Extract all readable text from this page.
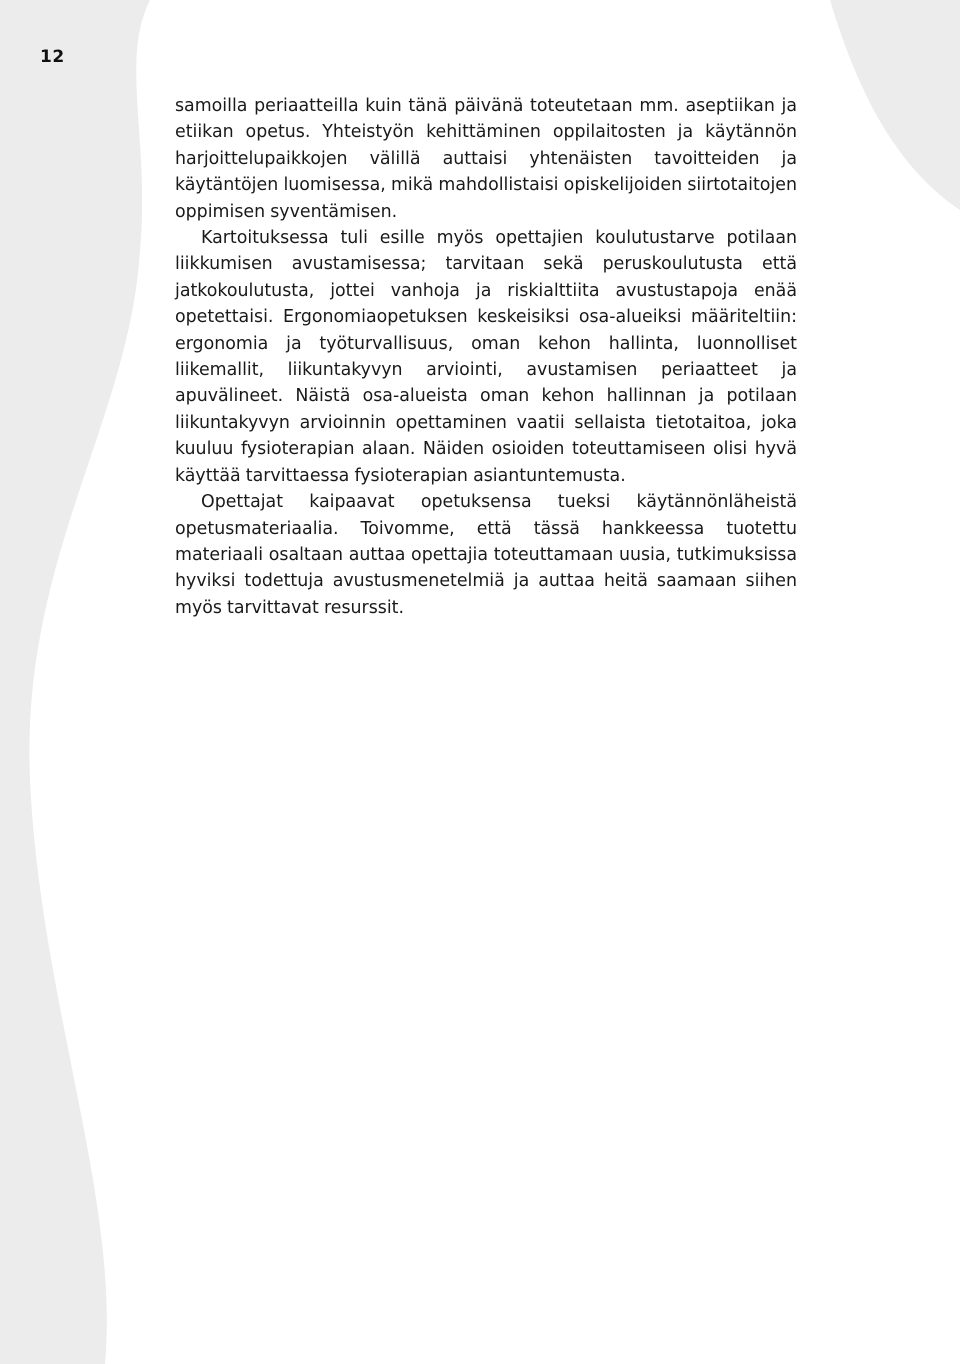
12

samoilla periaatteilla kuin tänä päivänä toteutetaan mm. aseptiikan ja etiikan opetus. Yhteistyön kehittäminen oppilaitosten ja käytännön harjoittelupaikkojen välillä auttaisi yhtenäisten tavoitteiden ja käytäntöjen luomisessa, mikä mahdollistaisi opiskelijoiden siirtotaitojen oppimisen syventämisen.

Kartoituksessa tuli esille myös opettajien koulutustarve potilaan liikkumisen avustamisessa; tarvitaan sekä peruskoulutusta että jatkokoulutusta, jottei vanhoja ja riskialttiita avustustapoja enää opetettaisi. Ergonomiaopetuksen keskeisiksi osa-alueiksi määriteltiin: ergonomia ja työturvallisuus, oman kehon hallinta, luonnolliset liikemallit, liikuntakyvyn arviointi, avustamisen periaatteet ja apuvälineet. Näistä osa-alueista oman kehon hallinnan ja potilaan liikuntakyvyn arvioinnin opettaminen vaatii sellaista tietotaitoa, joka kuuluu fysioterapian alaan. Näiden osioiden toteuttamiseen olisi hyvä käyttää tarvittaessa fysioterapian asiantuntemusta.

Opettajat kaipaavat opetuksensa tueksi käytännönläheistä opetusmateriaalia. Toivomme, että tässä hankkeessa tuotettu materiaali osaltaan auttaa opettajia toteuttamaan uusia, tutkimuksissa hyviksi todettuja avustusmenetelmiä ja auttaa heitä saamaan siihen myös tarvittavat resurssit.
